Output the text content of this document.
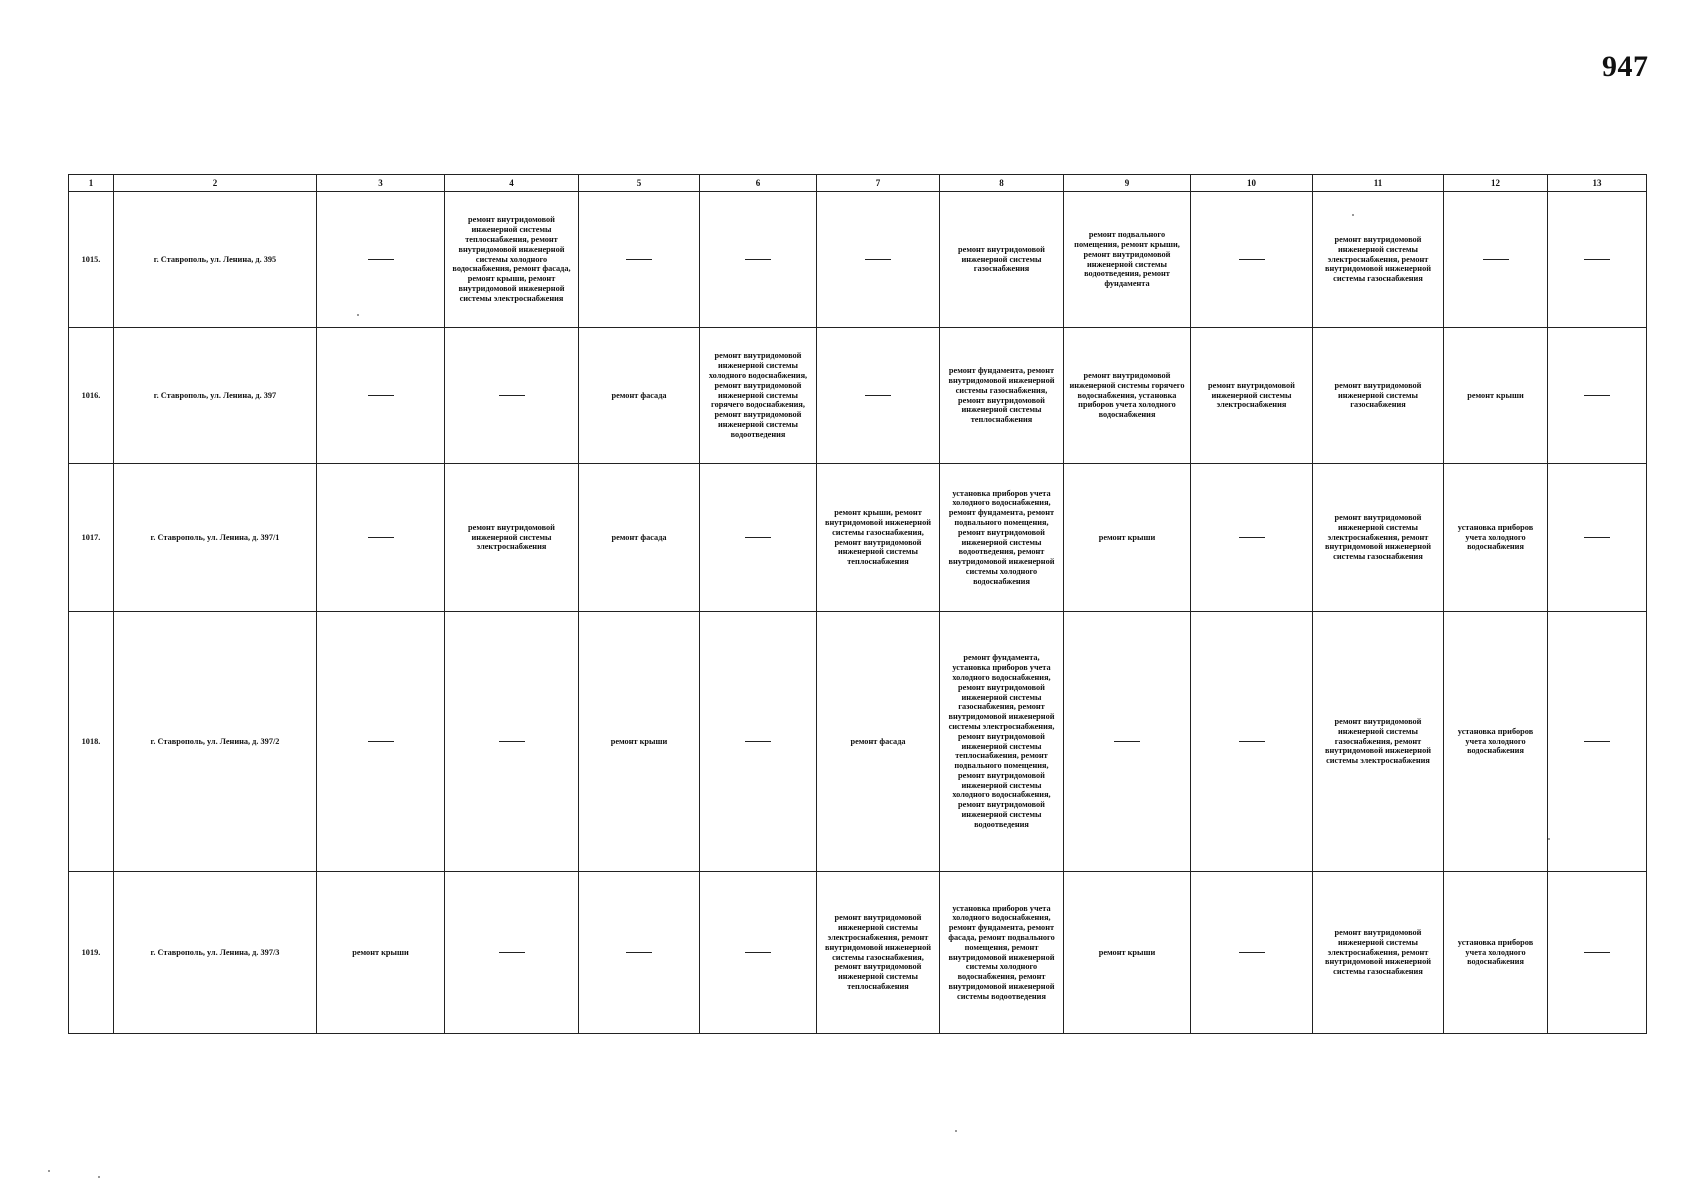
947
1	2	3	4	5	6	7	8	9	10	11	12	13
1015.	г. Ставрополь, ул. Ленина, д. 395		ремонт внутридомовой инженерной системы теплоснабжения, ремонт внутридомовой инженерной системы холодного водоснабжения, ремонт фасада, ремонт крыши, ремонт внутридомовой инженерной системы электроснабжения				ремонт внутридомовой инженерной системы газоснабжения	ремонт подвального помещения, ремонт крыши, ремонт внутридомовой инженерной системы водоотведения, ремонт фундамента		ремонт внутридомовой инженерной системы электроснабжения, ремонт внутридомовой инженерной системы газоснабжения		
1016.	г. Ставрополь, ул. Ленина, д. 397			ремонт фасада	ремонт внутридомовой инженерной системы холодного водоснабжения, ремонт внутридомовой инженерной системы горячего водоснабжения, ремонт внутридомовой инженерной системы водоотведения		ремонт фундамента, ремонт внутридомовой инженерной системы газоснабжения, ремонт внутридомовой инженерной системы теплоснабжения	ремонт внутридомовой инженерной системы горячего водоснабжения, установка приборов учета холодного водоснабжения	ремонт внутридомовой инженерной системы электроснабжения	ремонт внутридомовой инженерной системы газоснабжения	ремонт крыши	
1017.	г. Ставрополь, ул. Ленина, д. 397/1		ремонт внутридомовой инженерной системы электроснабжения	ремонт фасада		ремонт крыши, ремонт внутридомовой инженерной системы газоснабжения, ремонт внутридомовой инженерной системы теплоснабжения	установка приборов учета холодного водоснабжения, ремонт фундамента, ремонт подвального помещения, ремонт внутридомовой инженерной системы водоотведения, ремонт внутридомовой инженерной системы холодного водоснабжения	ремонт крыши		ремонт внутридомовой инженерной системы электроснабжения, ремонт внутридомовой инженерной системы газоснабжения	установка приборов учета холодного водоснабжения	
1018.	г. Ставрополь, ул. Ленина, д. 397/2			ремонт крыши		ремонт фасада	ремонт фундамента, установка приборов учета холодного водоснабжения, ремонт внутридомовой инженерной системы газоснабжения, ремонт внутридомовой инженерной системы электроснабжения, ремонт внутридомовой инженерной системы теплоснабжения, ремонт подвального помещения, ремонт внутридомовой инженерной системы холодного водоснабжения, ремонт внутридомовой инженерной системы водоотведения			ремонт внутридомовой инженерной системы газоснабжения, ремонт внутридомовой инженерной системы электроснабжения	установка приборов учета холодного водоснабжения	
1019.	г. Ставрополь, ул. Ленина, д. 397/3	ремонт крыши				ремонт внутридомовой инженерной системы электроснабжения, ремонт внутридомовой инженерной системы газоснабжения, ремонт внутридомовой инженерной системы теплоснабжения	установка приборов учета холодного водоснабжения, ремонт фундамента, ремонт фасада, ремонт подвального помещения, ремонт внутридомовой инженерной системы холодного водоснабжения, ремонт внутридомовой инженерной системы водоотведения	ремонт крыши		ремонт внутридомовой инженерной системы электроснабжения, ремонт внутридомовой инженерной системы газоснабжения	установка приборов учета холодного водоснабжения	
